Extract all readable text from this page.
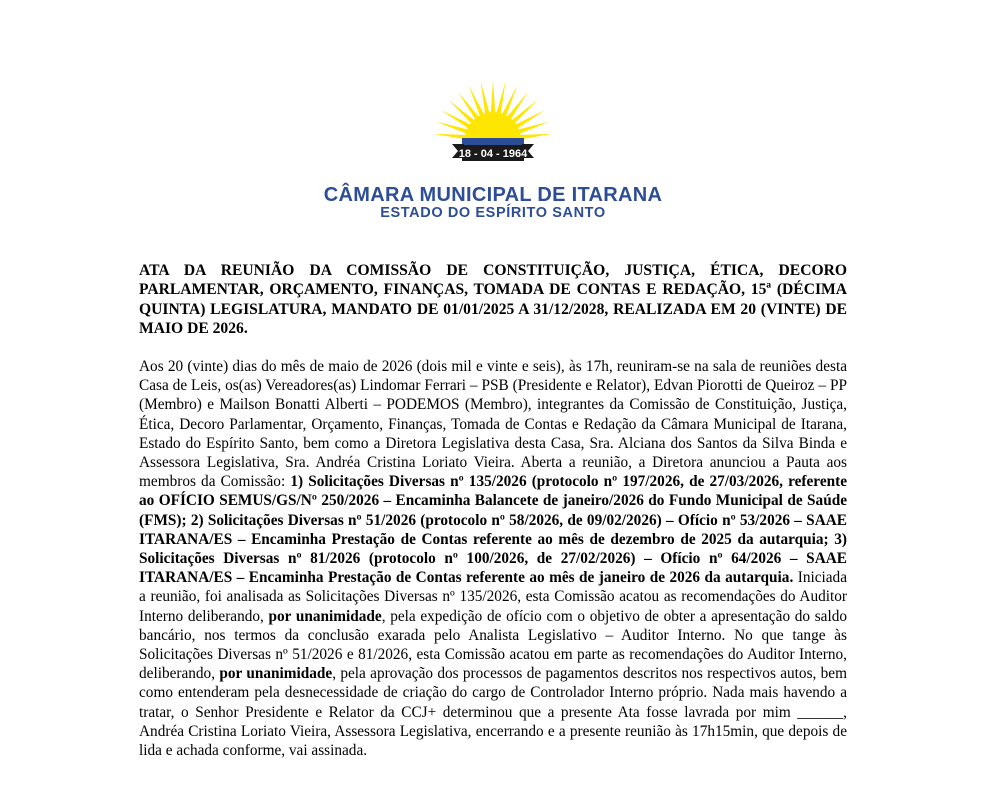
18 - 04 - 1964
CÂMARA MUNICIPAL DE ITARANA
ESTADO DO ESPÍRITO SANTO
ATA DA REUNIÃO DA COMISSÃO DE CONSTITUIÇÃO, JUSTIÇA, ÉTICA, DECORO PARLAMENTAR, ORÇAMENTO, FINANÇAS, TOMADA DE CONTAS E REDAÇÃO, 15ª (DÉCIMA QUINTA) LEGISLATURA, MANDATO DE 01/01/2025 A 31/12/2028, REALIZADA EM 20 (VINTE) DE MAIO DE 2026.
Aos 20 (vinte) dias do mês de maio de 2026 (dois mil e vinte e seis), às 17h, reuniram-se na sala de reuniões desta Casa de Leis, os(as) Vereadores(as) Lindomar Ferrari – PSB (Presidente e Relator), Edvan Piorotti de Queiroz – PP (Membro) e Mailson Bonatti Alberti – PODEMOS (Membro), integrantes da Comissão de Constituição, Justiça, Ética, Decoro Parlamentar, Orçamento, Finanças, Tomada de Contas e Redação da Câmara Municipal de Itarana, Estado do Espírito Santo, bem como a Diretora Legislativa desta Casa, Sra. Alciana dos Santos da Silva Binda e Assessora Legislativa, Sra. Andréa Cristina Loriato Vieira. Aberta a reunião, a Diretora anunciou a Pauta aos membros da Comissão: 1) Solicitações Diversas nº 135/2026 (protocolo nº 197/2026, de 27/03/2026, referente ao OFÍCIO SEMUS/GS/Nº 250/2026 – Encaminha Balancete de janeiro/2026 do Fundo Municipal de Saúde (FMS); 2) Solicitações Diversas nº 51/2026 (protocolo nº 58/2026, de 09/02/2026) – Ofício nº 53/2026 – SAAE ITARANA/ES – Encaminha Prestação de Contas referente ao mês de dezembro de 2025 da autarquia; 3) Solicitações Diversas nº 81/2026 (protocolo nº 100/2026, de 27/02/2026) – Ofício nº 64/2026 – SAAE ITARANA/ES – Encaminha Prestação de Contas referente ao mês de janeiro de 2026 da autarquia. Iniciada a reunião, foi analisada as Solicitações Diversas nº 135/2026, esta Comissão acatou as recomendações do Auditor Interno deliberando, por unanimidade, pela expedição de ofício com o objetivo de obter a apresentação do saldo bancário, nos termos da conclusão exarada pelo Analista Legislativo – Auditor Interno. No que tange às Solicitações Diversas nº 51/2026 e 81/2026, esta Comissão acatou em parte as recomendações do Auditor Interno, deliberando, por unanimidade, pela aprovação dos processos de pagamentos descritos nos respectivos autos, bem como entenderam pela desnecessidade de criação do cargo de Controlador Interno próprio. Nada mais havendo a tratar, o Senhor Presidente e Relator da CCJ+ determinou que a presente Ata fosse lavrada por mim ______, Andréa Cristina Loriato Vieira, Assessora Legislativa, encerrando e a presente reunião às 17h15min, que depois de lida e achada conforme, vai assinada.
